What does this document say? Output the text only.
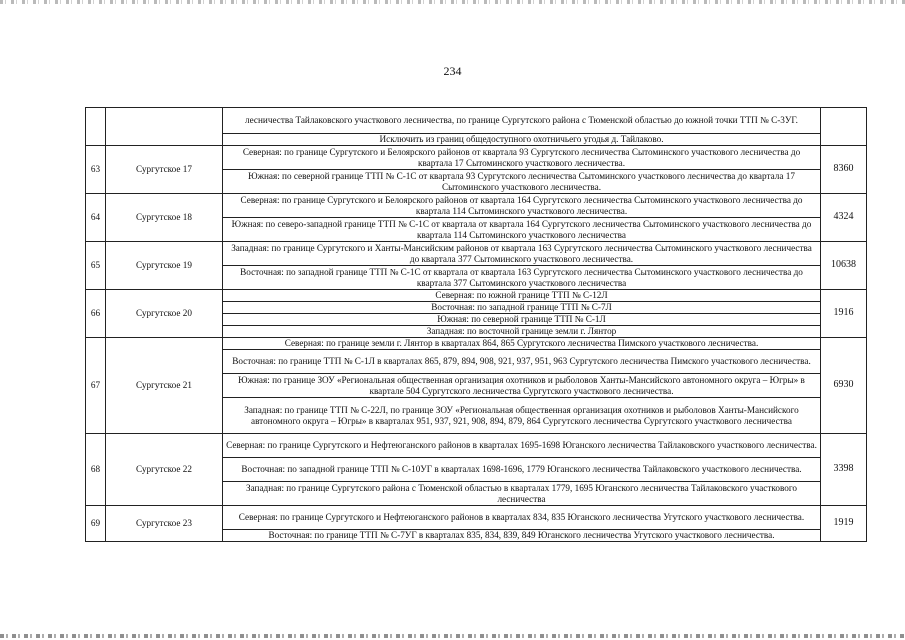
234
		лесничества Тайлаковского участкового лесничества, по границе Сургутского района с Тюменской областью до южной точки ТТП № С-3УГ.	
		Исключить из границ общедоступного охотничьего угодья д. Тайлаково.	
63	Сургутское 17	Северная: по границе Сургутского и Белоярского районов от квартала 93 Сургутского лесничества Сытоминского участкового лесничества до квартала 17 Сытоминского участкового лесничества.	8360
		Южная: по северной границе ТТП № С-1С от квартала 93 Сургутского лесничества Сытоминского участкового лесничества до квартала 17 Сытоминского участкового лесничества.	
64	Сургутское 18	Северная: по границе Сургутского и Белоярского районов от квартала 164 Сургутского лесничества Сытоминского участкового лесничества до квартала 114 Сытоминского участкового лесничества.	4324
		Южная: по северо-западной границе ТТП № С-1С от квартала от квартала 164 Сургутского лесничества Сытоминского участкового лесничества до квартала 114 Сытоминского участкового лесничества	
65	Сургутское 19	Западная: по границе Сургутского и Ханты-Мансийским районов от квартала 163 Сургутского лесничества Сытоминского участкового лесничества до квартала 377 Сытоминского участкового лесничества.	10638
		Восточная: по западной границе ТТП № С-1С от квартала от квартала 163 Сургутского лесничества Сытоминского участкового лесничества до квартала 377 Сытоминского участкового лесничества	
66	Сургутское 20	Северная: по южной границе ТТП № С-12Л	1916
		Восточная: по западной границе ТТП № С-7Л	
		Южная: по северной границе ТТП № С-1Л	
		Западная: по восточной границе земли г. Лянтор	
67	Сургутское 21	Северная: по границе земли г. Лянтор в кварталах 864, 865 Сургутского лесничества Пимского участкового лесничества.	6930
		Восточная: по границе ТТП № С-1Л в кварталах 865, 879, 894, 908, 921, 937, 951, 963 Сургутского лесничества Пимского участкового лесничества.	
		Южная: по границе ЗОУ «Региональная общественная организация охотников и рыболовов Ханты-Мансийского автономного округа – Югры» в квартале 504 Сургутского лесничества Сургутского участкового лесничества.	
		Западная: по границе ТТП № С-22Л, по границе ЗОУ «Региональная общественная организация охотников и рыболовов Ханты-Мансийского автономного округа – Югры» в кварталах 951, 937, 921, 908, 894, 879, 864 Сургутского лесничества Сургутского участкового лесничества	
68	Сургутское 22	Северная: по границе Сургутского и Нефтеюганского районов в кварталах 1695-1698 Юганского лесничества Тайлаковского участкового лесничества.	3398
		Восточная: по западной границе ТТП № С-10УГ в кварталах 1698-1696, 1779 Юганского лесничества Тайлаковского участкового лесничества.	
		Западная: по границе Сургутского района с Тюменской областью в кварталах 1779, 1695 Юганского лесничества Тайлаковского участкового лесничества	
69	Сургутское 23	Северная: по границе Сургутского и Нефтеюганского районов в кварталах 834, 835 Юганского лесничества Угутского участкового лесничества.	1919
		Восточная: по границе ТТП № С-7УГ в кварталах 835, 834, 839, 849 Юганского лесничества Угутского участкового лесничества.	
